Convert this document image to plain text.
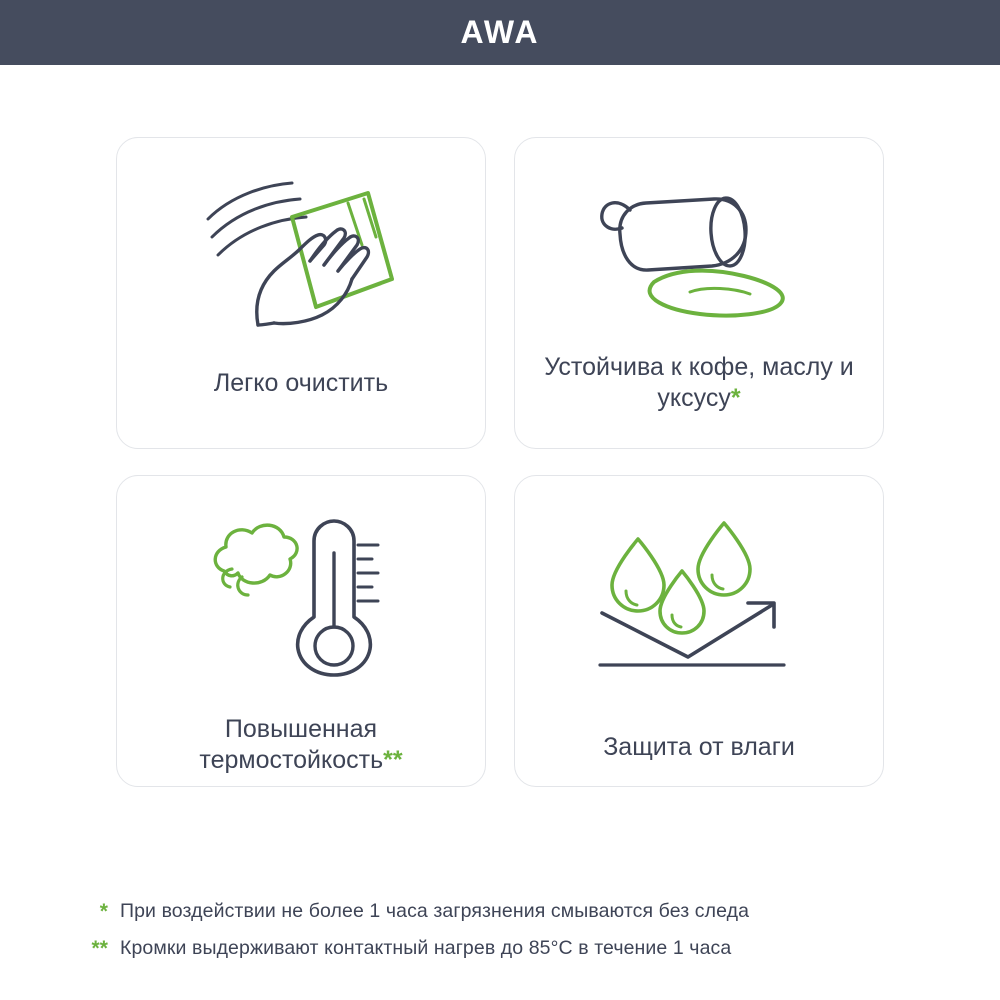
AWA
Легко очистить
Устойчива к кофе, маслу и уксусу*
Повышенная термостойкость**	Защита от влаги
* При воздействии не более 1 часа загрязнения смываются без следа
** Кромки выдерживают контактный нагрев до 85°C в течение 1 часа
